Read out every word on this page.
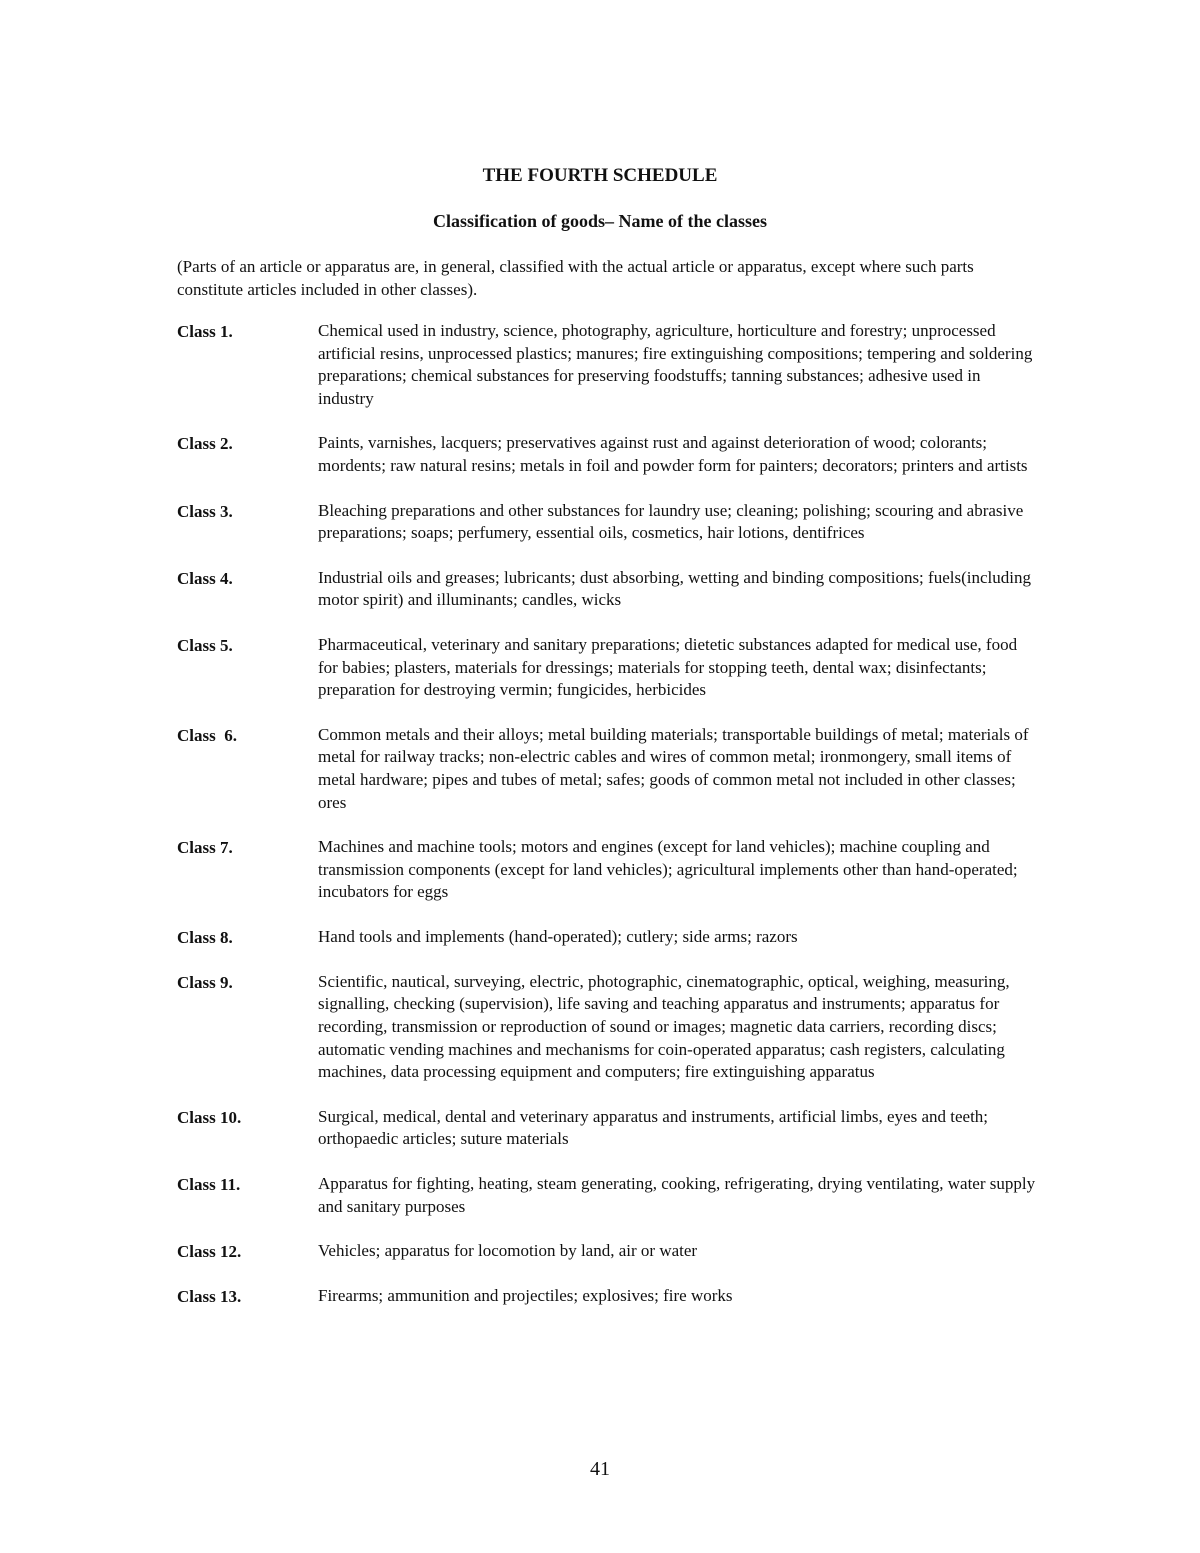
THE FOURTH SCHEDULE
Classification of goods– Name of the classes
(Parts of an article or apparatus are, in general, classified with the actual article or apparatus, except where such parts constitute articles included in other classes).
Class 1.	Chemical used in industry, science, photography, agriculture, horticulture and forestry; unprocessed artificial resins, unprocessed plastics; manures; fire extinguishing compositions; tempering and soldering preparations; chemical substances for preserving foodstuffs; tanning substances; adhesive used in industry
Class 2.	Paints, varnishes, lacquers; preservatives against rust and against deterioration of wood; colorants; mordents; raw natural resins; metals in foil and powder form for painters; decorators; printers and artists
Class 3.	Bleaching preparations and other substances for laundry use; cleaning; polishing; scouring and abrasive preparations; soaps; perfumery, essential oils, cosmetics, hair lotions, dentifrices
Class 4.	Industrial oils and greases; lubricants; dust absorbing, wetting and binding compositions; fuels(including motor spirit) and illuminants; candles, wicks
Class 5.	Pharmaceutical, veterinary and sanitary preparations; dietetic substances adapted for medical use, food for babies; plasters, materials for dressings; materials for stopping teeth, dental wax; disinfectants; preparation for destroying vermin; fungicides, herbicides
Class  6.	Common metals and their alloys; metal building materials; transportable buildings of metal; materials of metal for railway tracks; non-electric cables and wires of common metal; ironmongery, small items of metal hardware; pipes and tubes of metal; safes; goods of common metal not included in other classes; ores
Class 7.	Machines and machine tools; motors and engines (except for land vehicles); machine coupling and transmission components (except for land vehicles); agricultural implements other than hand-operated; incubators for eggs
Class 8.	Hand tools and implements (hand-operated); cutlery; side arms; razors
Class 9.	Scientific, nautical, surveying, electric, photographic, cinematographic, optical, weighing, measuring, signalling, checking (supervision), life saving and teaching apparatus and instruments; apparatus for recording, transmission or reproduction of sound or images; magnetic data carriers, recording discs; automatic vending machines and mechanisms for coin-operated apparatus; cash registers, calculating machines, data processing equipment and computers; fire extinguishing apparatus
Class 10.	Surgical, medical, dental and veterinary apparatus and instruments, artificial limbs, eyes and teeth; orthopaedic articles; suture materials
Class 11.	Apparatus for fighting, heating, steam generating, cooking, refrigerating, drying ventilating, water supply and sanitary purposes
Class 12.	Vehicles; apparatus for locomotion by land, air or water
Class 13.	Firearms; ammunition and projectiles; explosives; fire works
41
